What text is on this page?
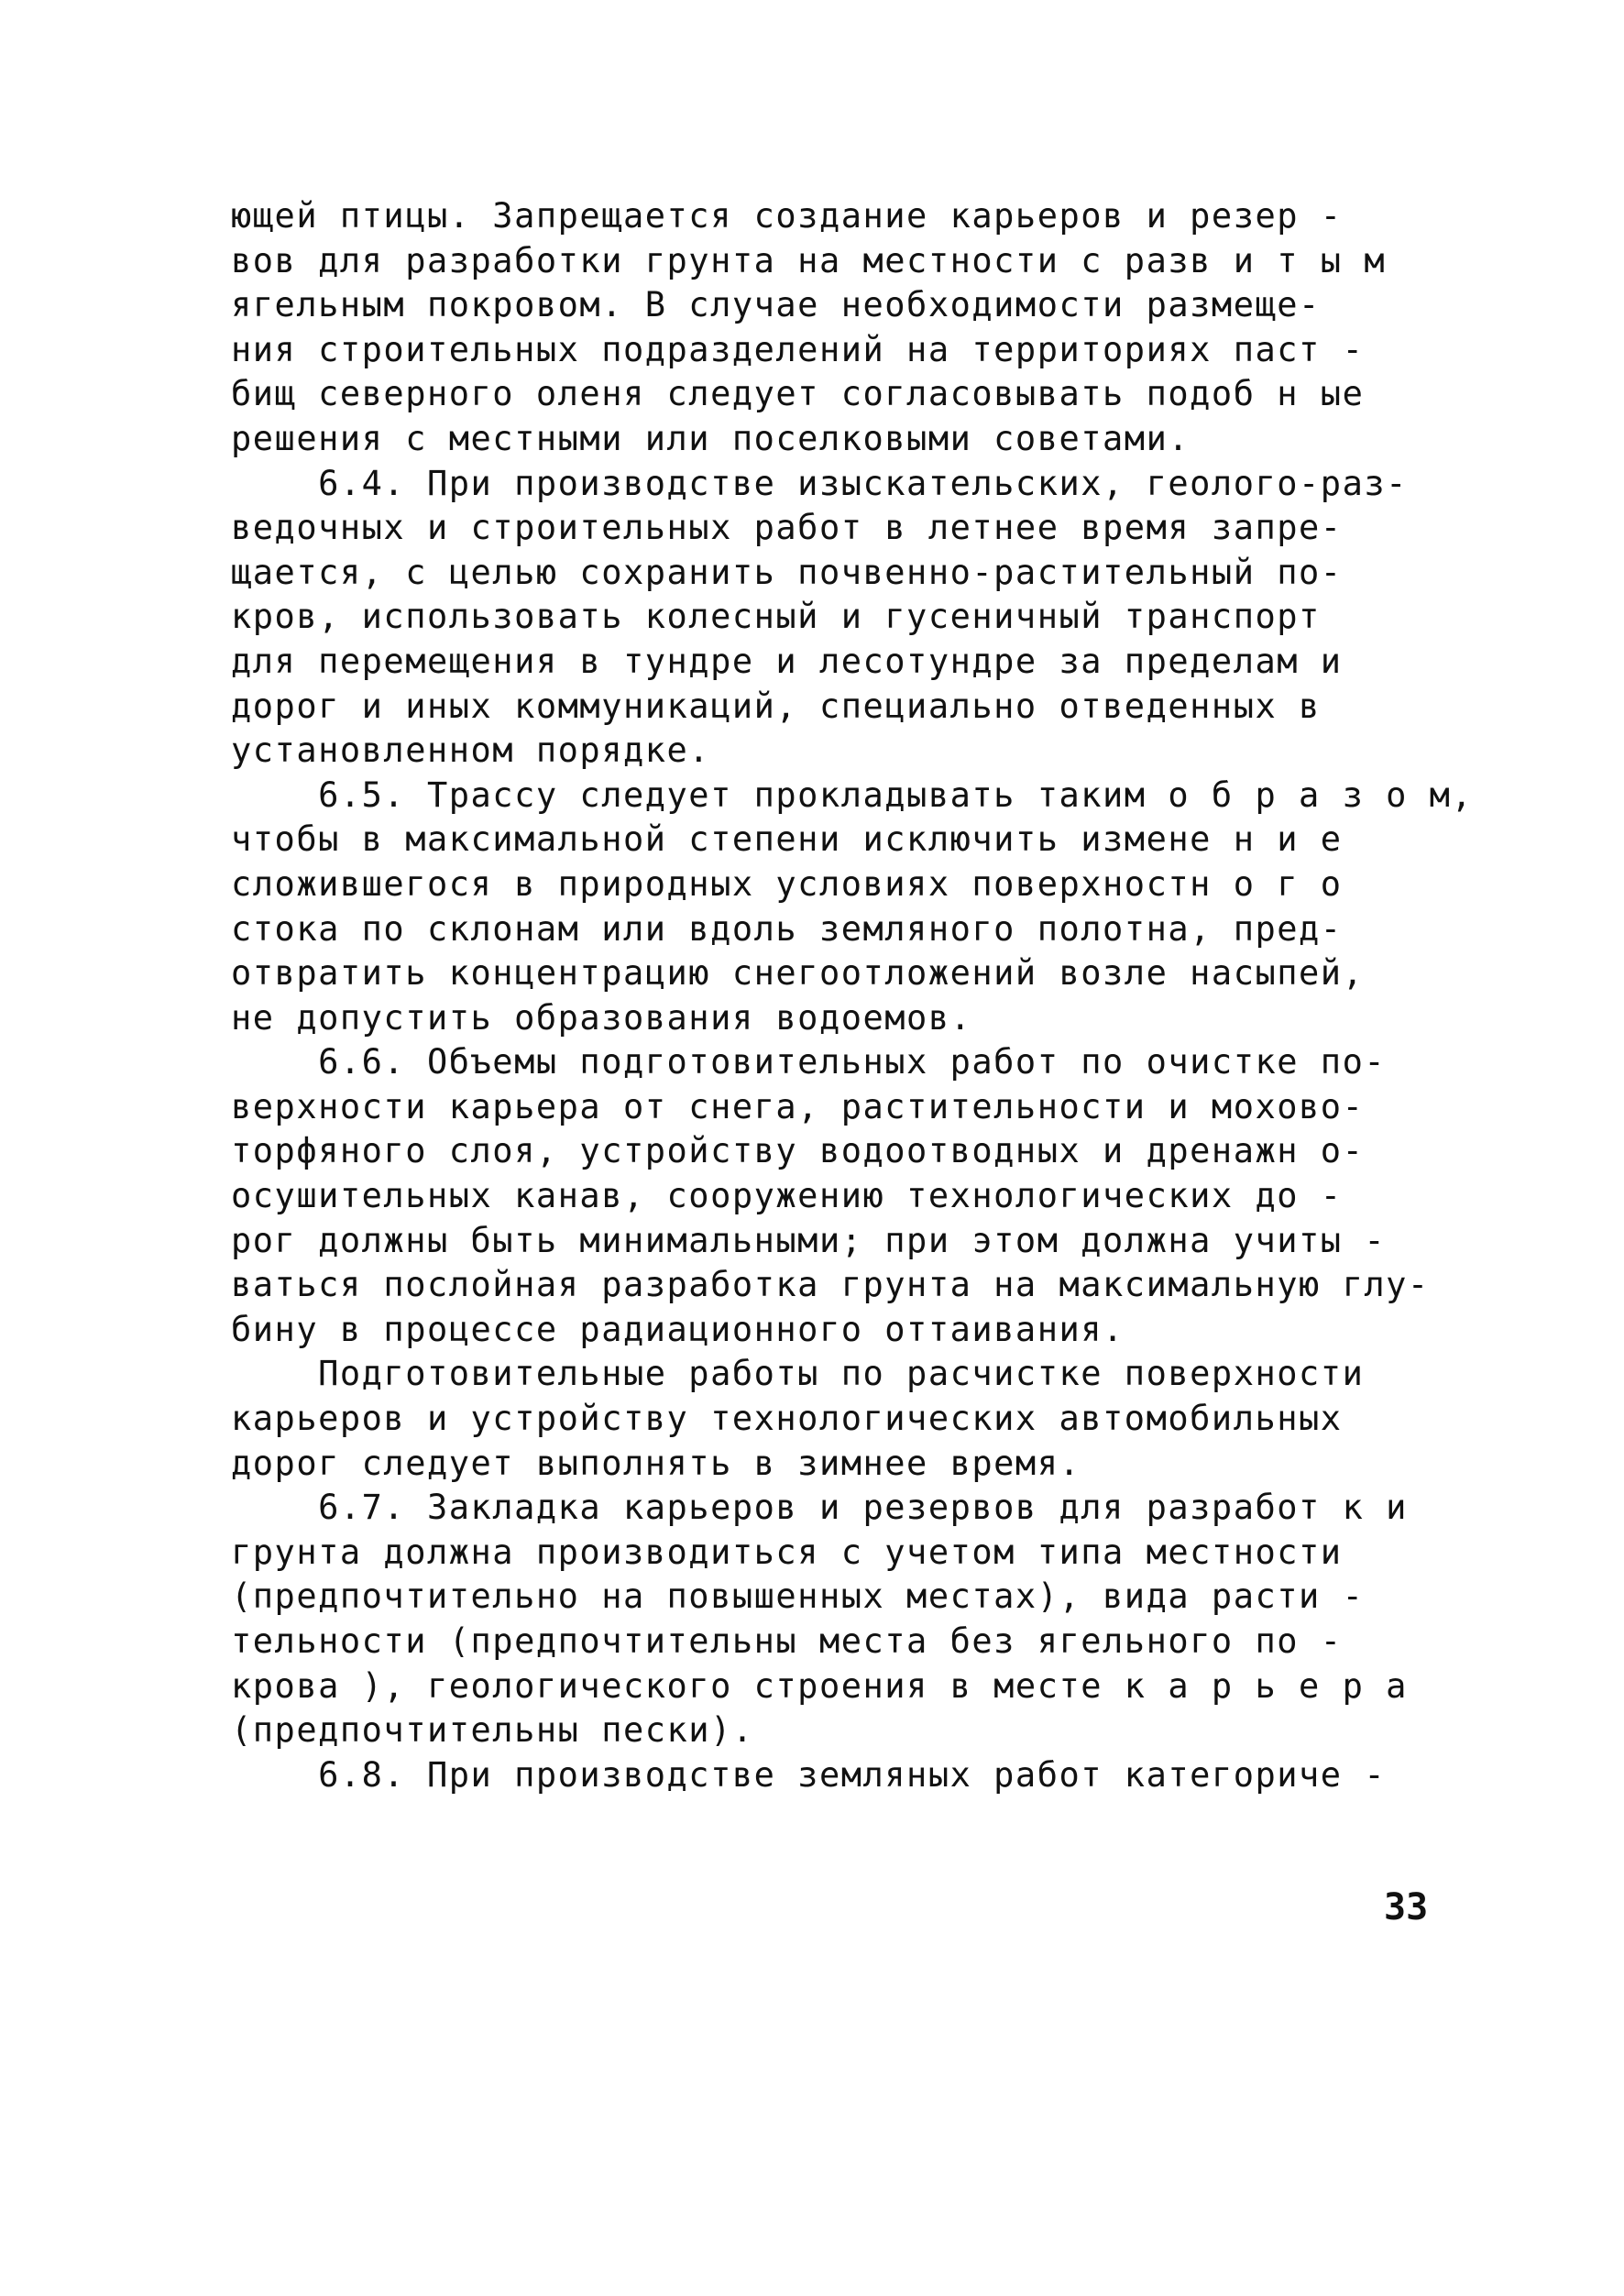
ющей птицы. Запрещается создание карьеров и резер -
вов для разработки грунта на местности с разв и т ы м
ягельным покровом. В случае необходимости размеще-
ния строительных подразделений на территориях паст -
бищ северного оленя следует согласовывать подоб н ые
решения с местными или поселковыми советами.
6.4. При производстве изыскательских, геолого-раз-
ведочных и строительных работ в летнее время запре-
щается, с целью сохранить почвенно-растительный по-
кров, использовать колесный и гусеничный транспорт
для перемещения в тундре и лесотундре за пределам и
дорог и иных коммуникаций, специально отведенных в
установленном порядке.
6.5. Трассу следует прокладывать таким о б р а з о м,
чтобы в максимальной степени исключить измене н и е
сложившегося в природных условиях поверхностн о г о
стока по склонам или вдоль земляного полотна, пред-
отвратить концентрацию снегоотложений возле насыпей,
не допустить образования водоемов.
6.6. Объемы подготовительных работ по очистке по-
верхности карьера от снега, растительности и мохово-
торфяного слоя, устройству водоотводных и дренажн о-
осушительных канав, сооружению технологических до -
рог должны быть минимальными; при этом должна учиты -
ваться послойная разработка грунта на максимальную глу-
бину в процессе радиационного оттаивания.
Подготовительные работы по расчистке поверхности
карьеров и устройству технологических автомобильных
дорог следует выполнять в зимнее время.
6.7. Закладка карьеров и резервов для разработ к и
грунта должна производиться с учетом типа местности
(предпочтительно на повышенных местах), вида расти -
тельности (предпочтительны места без ягельного по -
крова ), геологического строения в месте к а р ь е р а
(предпочтительны пески).
6.8. При производстве земляных работ категориче -
33
